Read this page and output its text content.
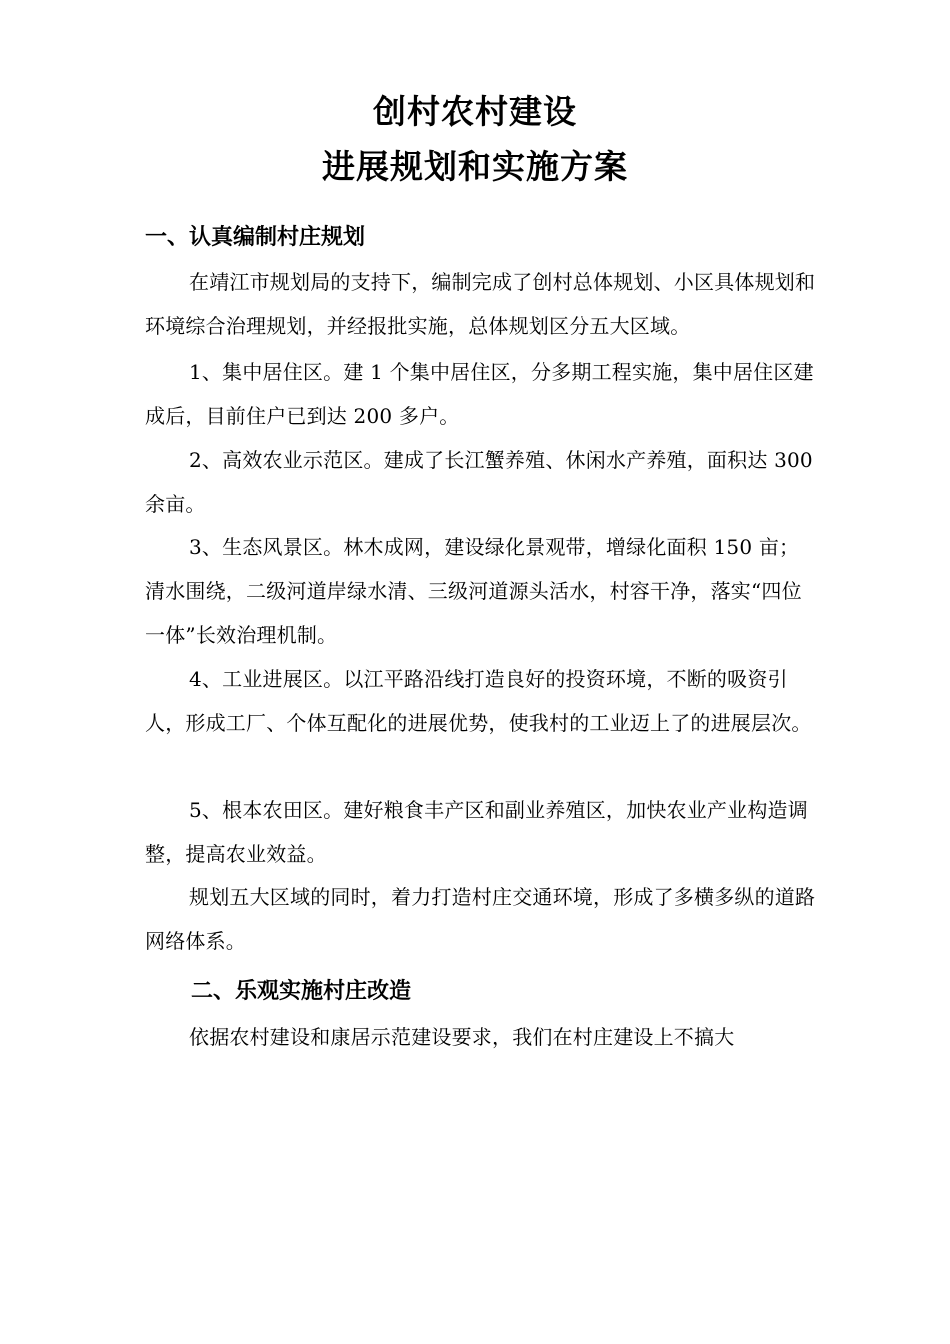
创村农村建设
进展规划和实施方案
一、认真编制村庄规划

在靖江市规划局的支持下，编制完成了创村总体规划、小区具体规划和环境综合治理规划，并经报批实施，总体规划区分五大区域。

1、集中居住区。建 1 个集中居住区，分多期工程实施，集中居住区建成后，目前住户已到达 200 多户。

2、高效农业示范区。建成了长江蟹养殖、休闲水产养殖，面积达 300 余亩。

3、生态风景区。林木成网，建设绿化景观带，增绿化面积 150 亩；清水围绕，二级河道岸绿水清、三级河道源头活水，村容干净，落实“四位一体”长效治理机制。

4、工业进展区。以江平路沿线打造良好的投资环境，不断的吸资引人，形成工厂、个体互配化的进展优势，使我村的工业迈上了的进展层次。

5、根本农田区。建好粮食丰产区和副业养殖区，加快农业产业构造调整，提高农业效益。

规划五大区域的同时，着力打造村庄交通环境，形成了多横多纵的道路网络体系。

二、乐观实施村庄改造

依据农村建设和康居示范建设要求，我们在村庄建设上不搞大
